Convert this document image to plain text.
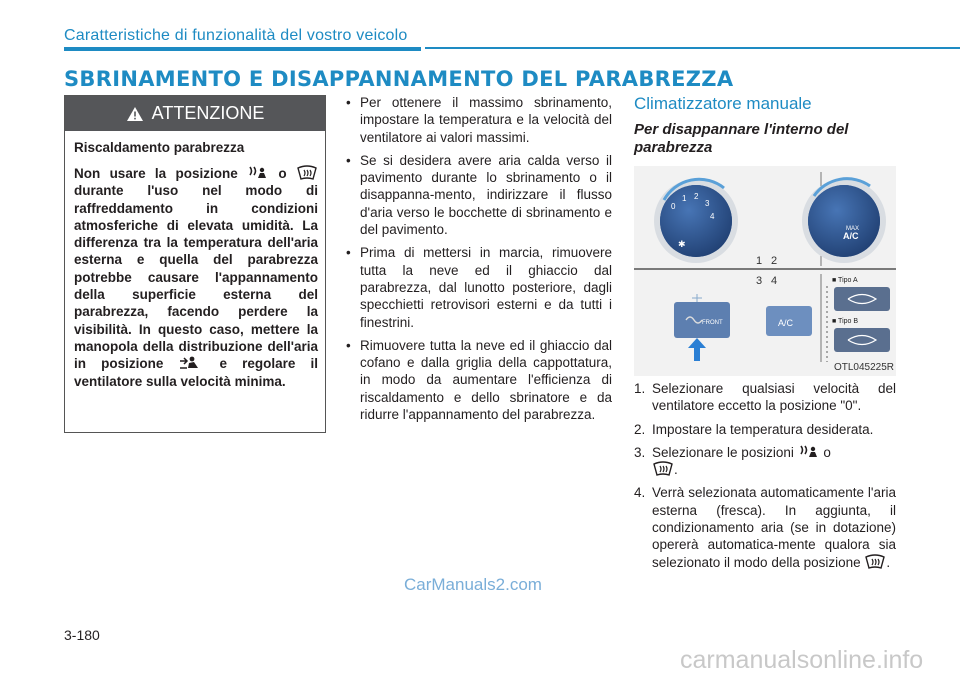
Caratteristiche di funzionalità del vostro veicolo
SBRINAMENTO E DISAPPANNAMENTO DEL PARABREZZA
ATTENZIONE
Riscaldamento parabrezza
Non usare la posizione	o  durante l'uso nel modo di raffreddamento in condizioni atmosferiche di elevata umidità. La differenza tra la temperatura dell'aria esterna e quella del parabrezza potrebbe causare l'appannamento della superficie esterna del parabrezza, facendo perdere la visibilità. In questo caso, mettere la manopola della distribuzione dell'aria in posizione	e regolare il ventilatore sulla velocità minima.
• Per ottenere il massimo sbrinamento, impostare la temperatura e la velocità del ventilatore ai valori massimi.
• Se si desidera avere aria calda verso il pavimento durante lo sbrinamento o il disappanna-mento, indirizzare il flusso d'aria verso le bocchette di sbrinamento e del pavimento.
• Prima di mettersi in marcia, rimuovere tutta la neve ed il ghiaccio dal parabrezza, dal lunotto posteriore, dagli specchietti retrovisori esterni e da tutti i finestrini.
• Rimuovere tutta la neve ed il ghiaccio dal cofano e dalla griglia della cappottatura, in modo da aumentare l'efficienza di riscaldamento e dello sbrinatore e da ridurre l'appannamento del parabrezza.
Climatizzatore manuale
Per disappannare l'interno del parabrezza
0
1 2
3
4
✱
MAX
A/C
1 2
3 4
FRONT	A/C
■ Tipo A
■ Tipo B
OTL045225R
1. Selezionare qualsiasi velocità del ventilatore eccetto la posizione "0".
2. Impostare la temperatura desiderata.
3. Selezionare le posizioni o
.
4. Verrà selezionata automaticamente l'aria esterna (fresca). In aggiunta, il condizionamento aria (se in dotazione) opererà automatica-mente qualora sia selezionato il modo della posizione .
CarManuals2.com
3-180
carmanualsonline.info
